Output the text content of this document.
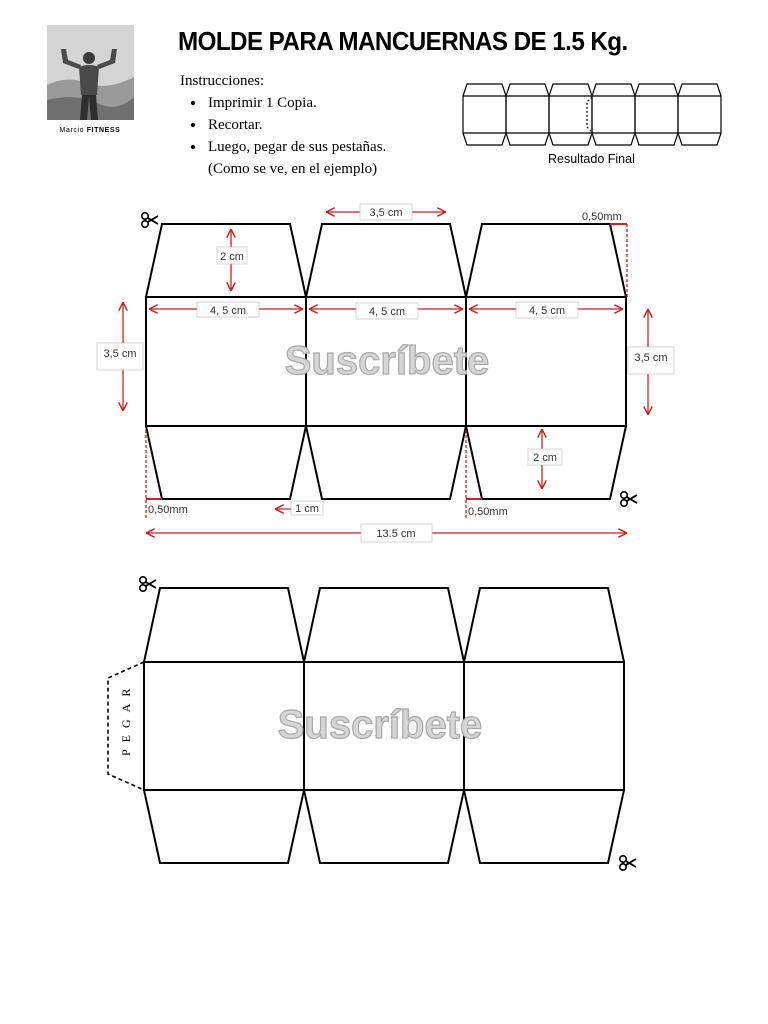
Marcio FITNESS
MOLDE PARA MANCUERNAS DE 1.5 Kg.
Instrucciones:
• Imprimir 1 Copia.
• Recortar.
• Luego, pegar de sus pestañas.
(Como se ve, en el ejemplo)
Resultado Final
Suscríbete
3,5 cm	0,50mm
2 cm
4, 5 cm	4, 5 cm	4, 5 cm
3,5 cm	3,5 cm
2 cm
0,50mm	1 cm	0,50mm
13.5 cm
PEGAR	Suscríbete
